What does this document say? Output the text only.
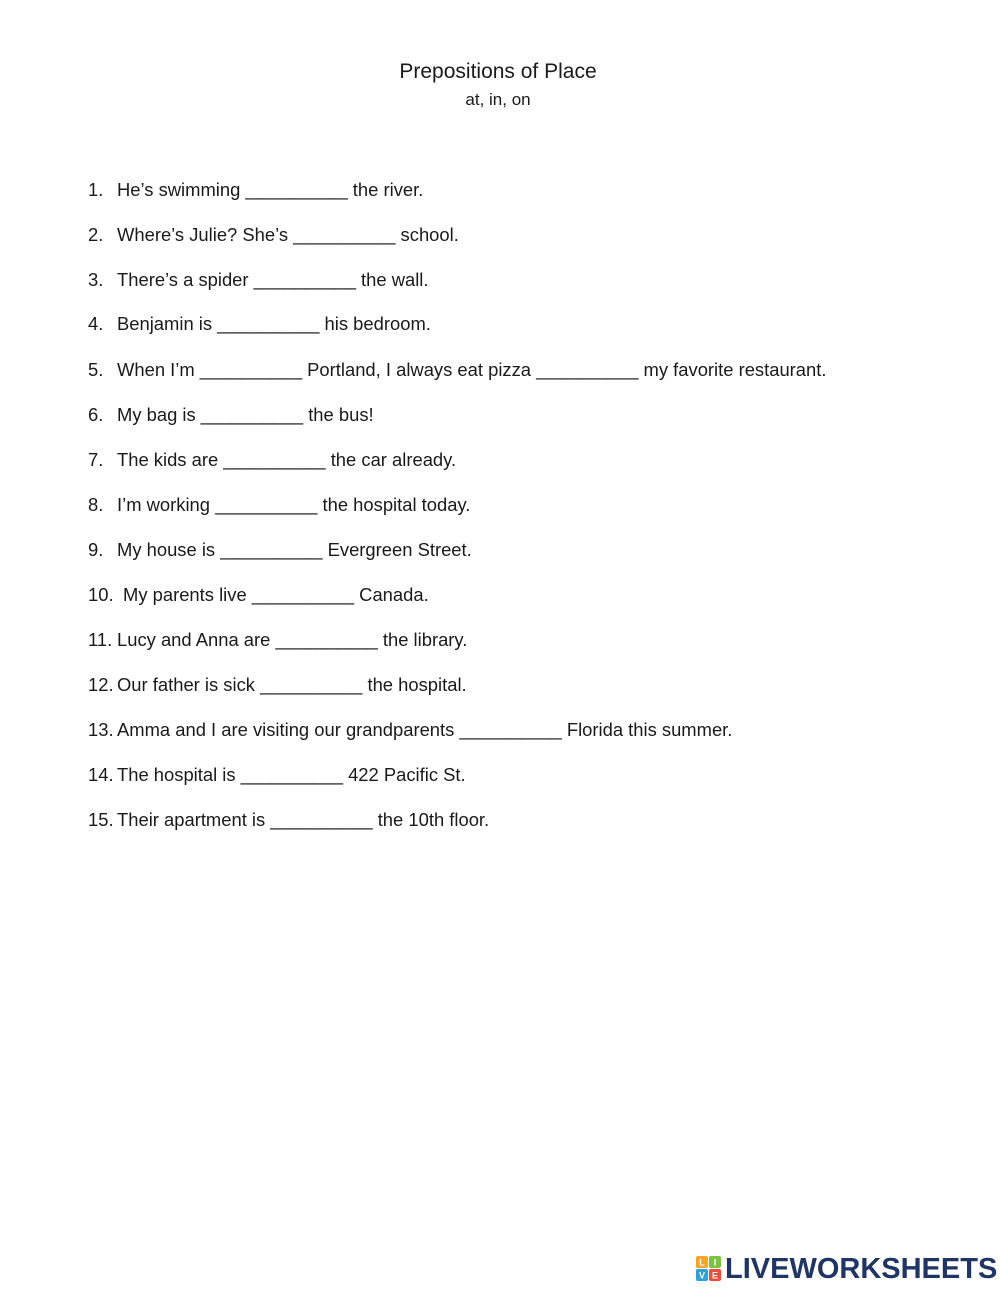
Prepositions of Place
at, in, on
1. He’s swimming __________ the river.
2. Where’s Julie? She’s __________ school.
3. There’s a spider __________ the wall.
4. Benjamin is __________ his bedroom.
5. When I’m __________ Portland, I always eat pizza __________ my favorite restaurant.
6. My bag is __________ the bus!
7. The kids are __________ the car already.
8. I’m working __________ the hospital today.
9. My house is __________ Evergreen Street.
10. My parents live __________ Canada.
11. Lucy and Anna are __________ the library.
12. Our father is sick __________ the hospital.
13. Amma and I are visiting our grandparents __________ Florida this summer.
14. The hospital is __________ 422 Pacific St.
15. Their apartment is __________ the 10th floor.
L I
V E LIVEWORKSHEETS
